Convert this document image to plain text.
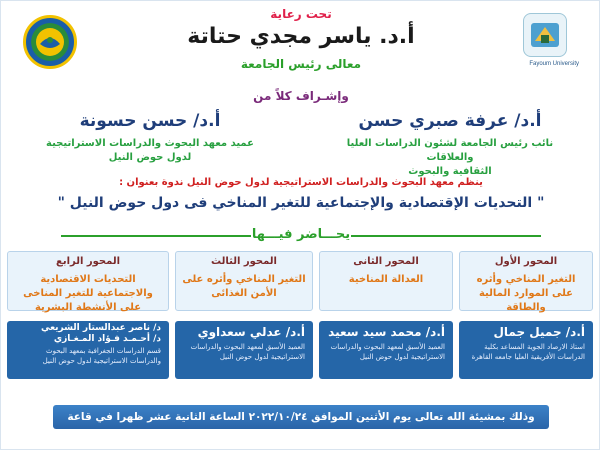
Fayoum University
تحت رعاية
أ.د. ياسر مجدي حتاتة
معالى رئيس الجامعة
وإشـراف كلاً من
أ.د/ عرفة صبري حسن
نائب رئيس الجامعة لشئون الدراسات العليا والعلاقات
الثقافية والبحوث
أ.د/ حسن حسونة
عميد معهد البحوث والدراسات الاستراتيجية
لدول حوض النيل
ينظم معهد البحوث والدراسات الاستراتيجية لدول حوض النيل ندوة بعنوان :
" التحديات الإقتصادية والإجتماعية للتغير المناخي فى دول حوض النيل "
يحـــاضر فيـــها
المحور الأول
التغير المناخي وأثره على الموارد المالية والطاقة
المحور الثانى
العدالة المناخية
المحور الثالث
التغير المناخي وأثره على الأمن الغذائى
المحور الرابع
التحديات الاقتصادية والاجتماعية للتغير المناخى على الأنشطة البشرية
أ.د/ جميل جمال
استاذ الارصاد الجوية المساعد بكلية الدراسات الأفريقية العليا جامعه القاهرة
أ.د/ محمد سيد سعيد
العميد الأسبق لمعهد البحوث والدراسات الاستراتيجية لدول حوض النيل
أ.د/ عدلي سعداوي
العميد الأسبق لمعهد البحوث والدراسات الاستراتيجية لدول حوض النيل
د/ ناصر عبدالستار الشريعي
د/ أحـمـد فـؤاد المـغـازي
قسم الدراسات الجغرافية بمعهد البحوث والدراسات الاستراتيجية لدول حوض النيل
وذلك بمشيئة الله تعالى يوم الأثنين الموافق ٢٠٢٢/١٠/٢٤ الساعة الثانية عشر ظهرا في قاعة المؤتمرات بالمعهد
